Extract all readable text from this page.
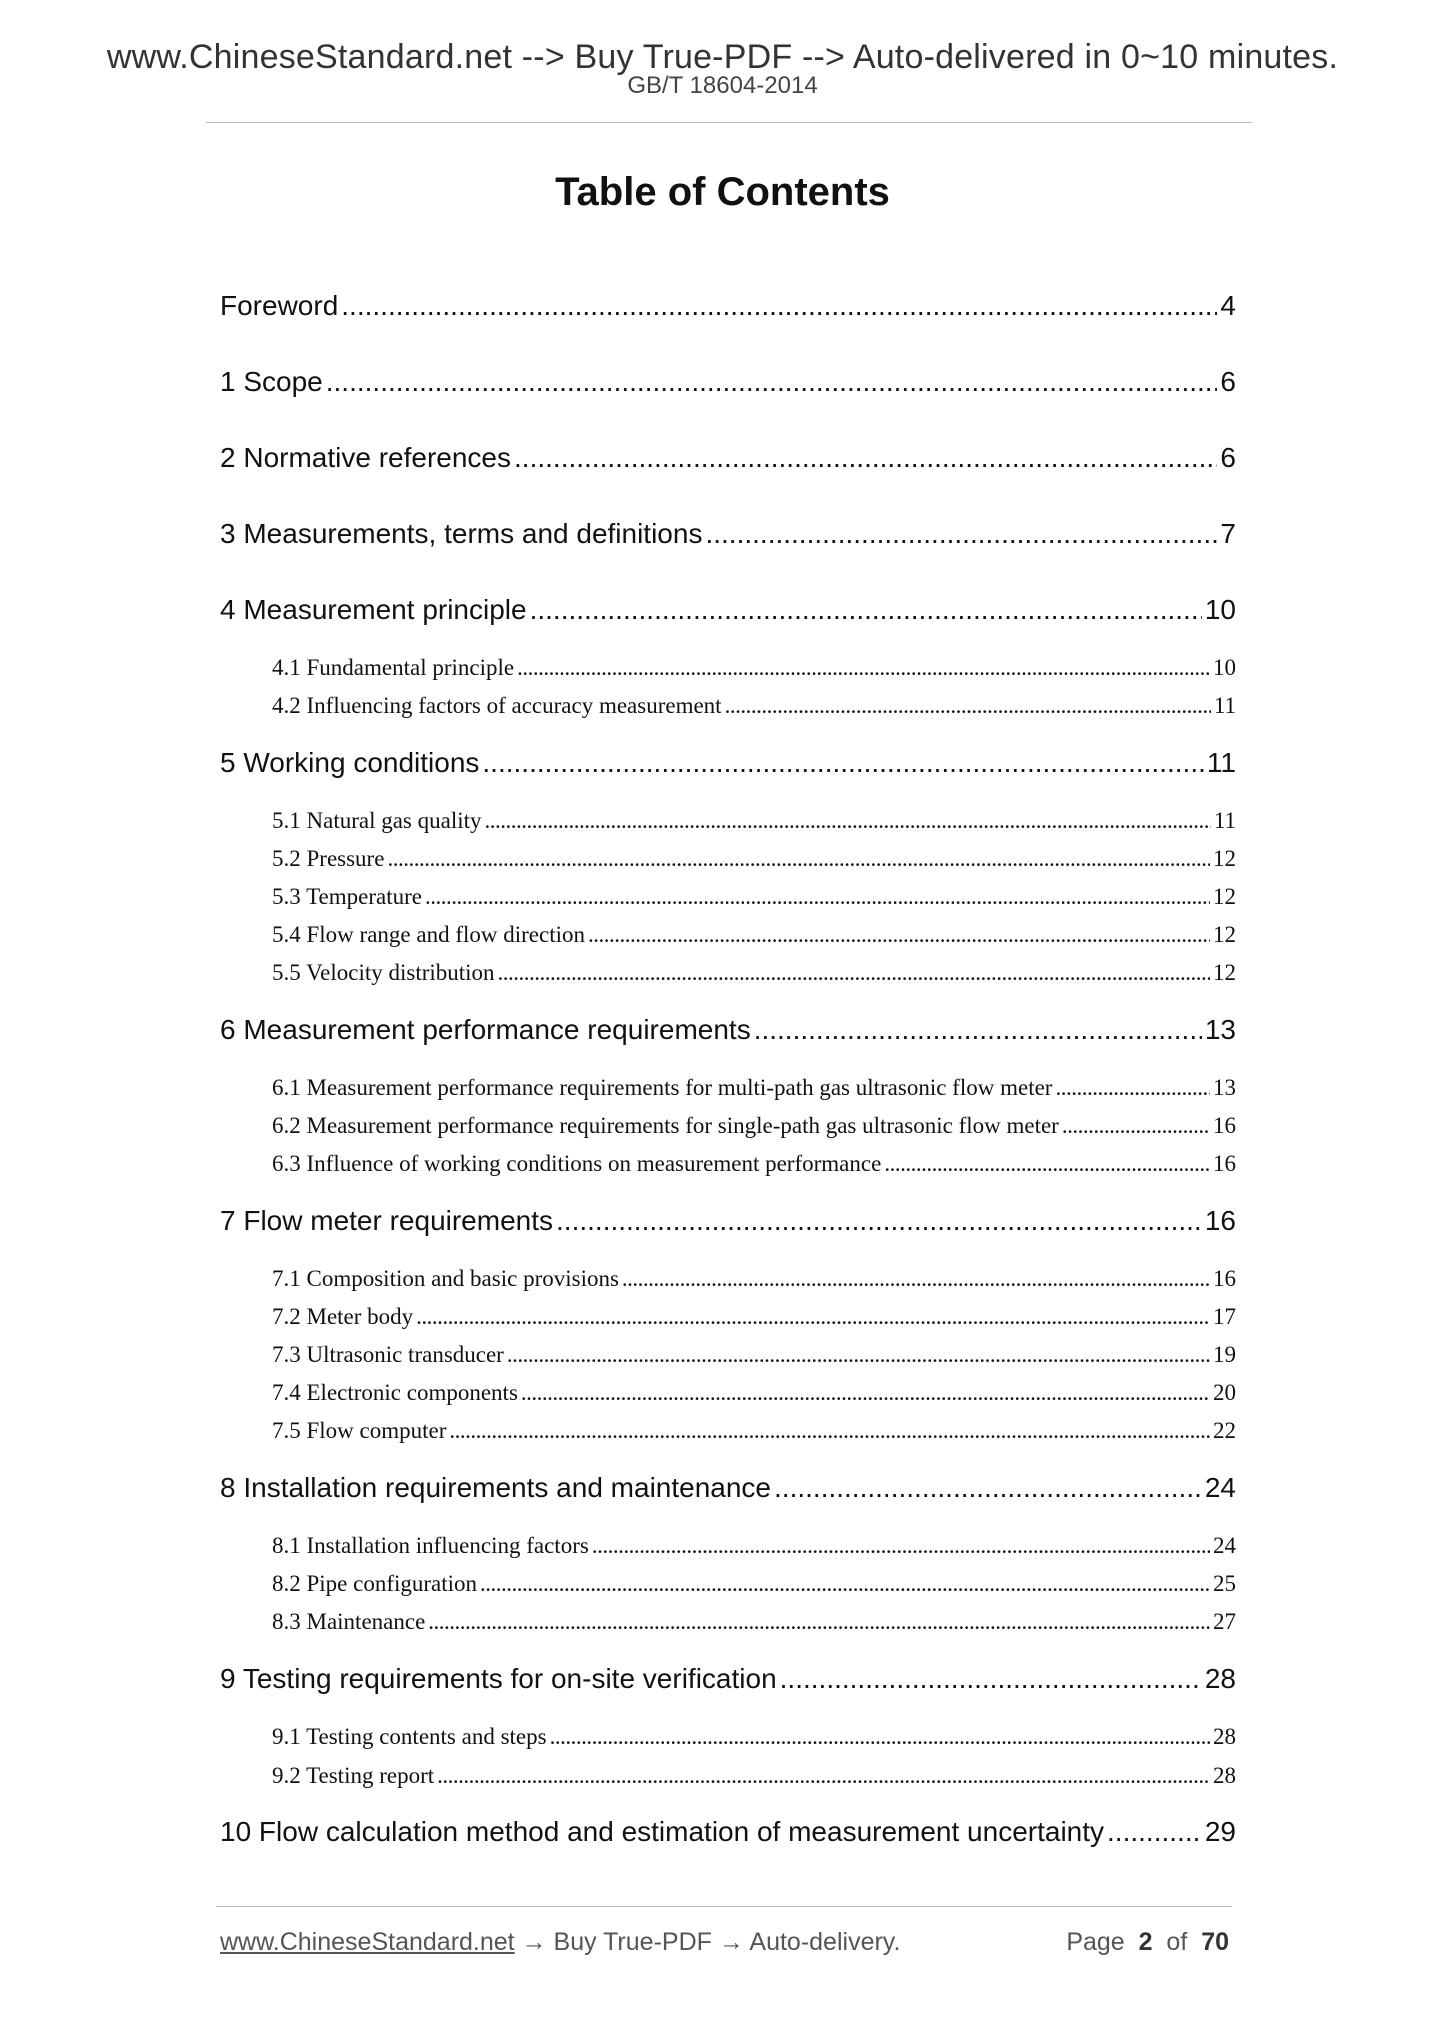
www.ChineseStandard.net --> Buy True-PDF --> Auto-delivered in 0~10 minutes.
GB/T 18604-2014
Table of Contents
Foreword .....	4
1 Scope .....	6
2 Normative references .....	6
3 Measurements, terms and definitions .....	7
4 Measurement principle .....	10
4.1 Fundamental principle .....	10
4.2 Influencing factors of accuracy measurement .....	11
5 Working conditions .....	11
5.1 Natural gas quality .....	11
5.2 Pressure .....	12
5.3 Temperature .....	12
5.4 Flow range and flow direction .....	12
5.5 Velocity distribution .....	12
6 Measurement performance requirements .....	13
6.1 Measurement performance requirements for multi-path gas ultrasonic flow meter .....	13
6.2 Measurement performance requirements for single-path gas ultrasonic flow meter .....	16
6.3 Influence of working conditions on measurement performance .....	16
7 Flow meter requirements .....	16
7.1 Composition and basic provisions .....	16
7.2 Meter body .....	17
7.3 Ultrasonic transducer .....	19
7.4 Electronic components .....	20
7.5 Flow computer .....	22
8 Installation requirements and maintenance .....	24
8.1 Installation influencing factors .....	24
8.2 Pipe configuration .....	25
8.3 Maintenance .....	27
9 Testing requirements for on-site verification .....	28
9.1 Testing contents and steps .....	28
9.2 Testing report .....	28
10 Flow calculation method and estimation of measurement uncertainty .....	29
www.ChineseStandard.net → Buy True-PDF → Auto-delivery.	Page 2 of 70
